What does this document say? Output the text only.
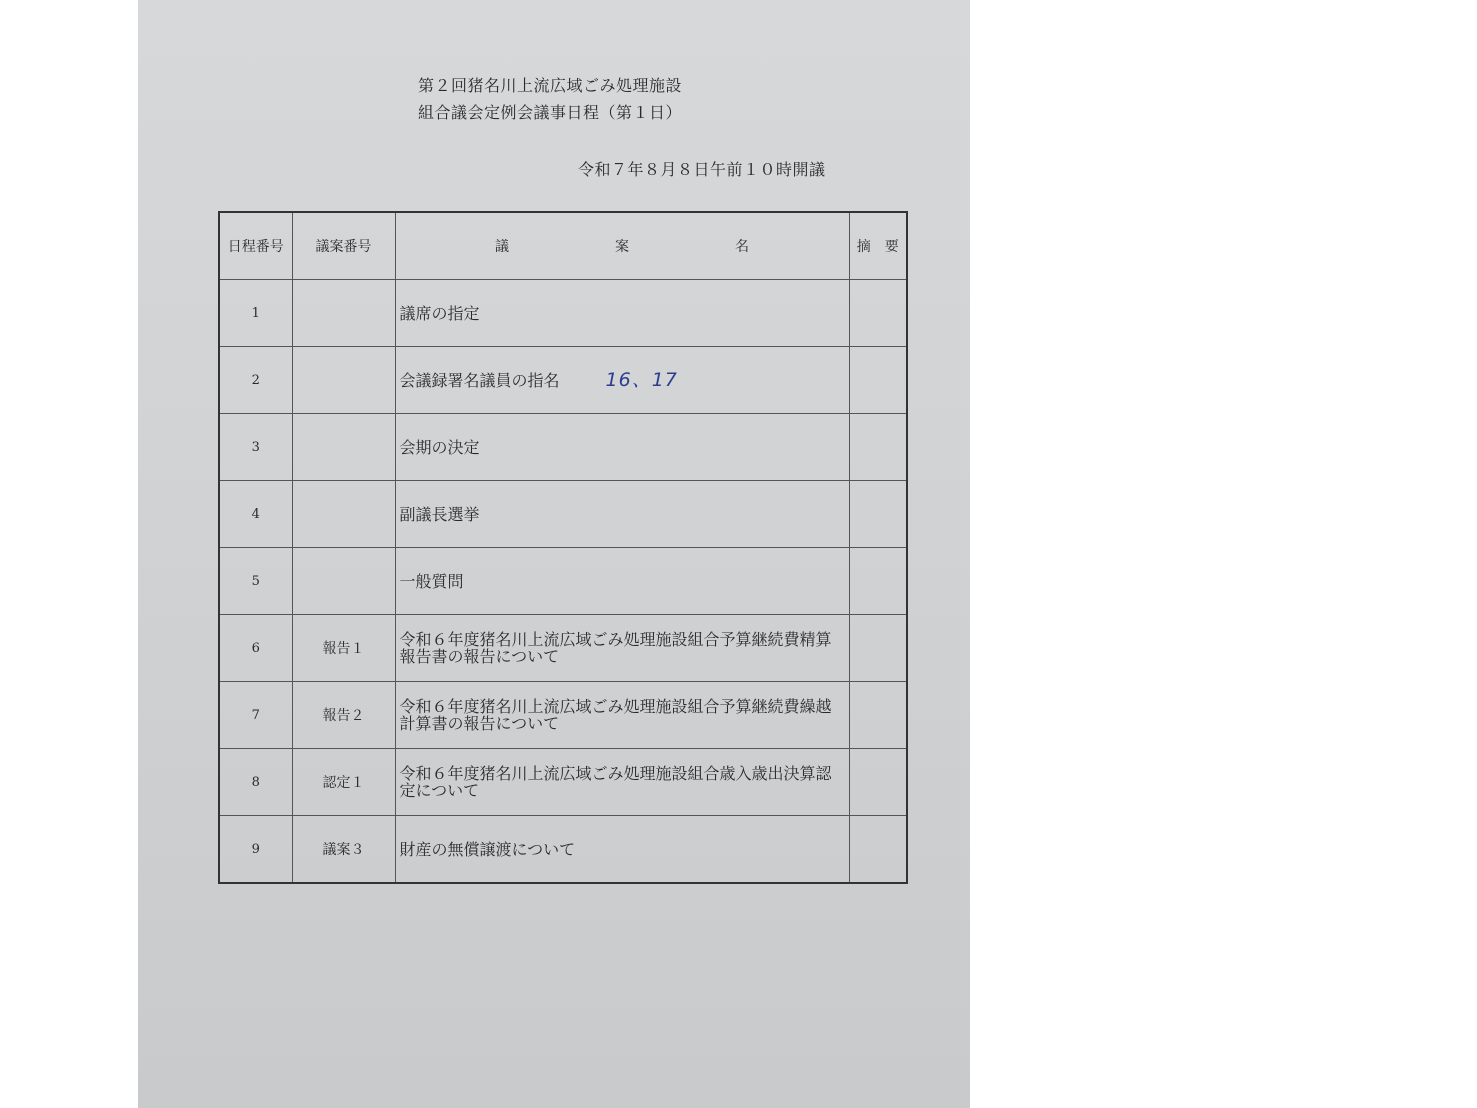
第２回猪名川上流広域ごみ処理施設
組合議会定例会議事日程（第１日）
令和７年８月８日午前１０時開議
日程番号	議案番号	議 案 名	摘　要
1		議席の指定	
2		会議録署名議員の指名 16、17	
3		会期の決定	
4		副議長選挙	
5		一般質問	
6	報告１	令和６年度猪名川上流広域ごみ処理施設組合予算継続費精算報告書の報告について	
7	報告２	令和６年度猪名川上流広域ごみ処理施設組合予算継続費繰越計算書の報告について	
8	認定１	令和６年度猪名川上流広域ごみ処理施設組合歳入歳出決算認定について	
9	議案３	財産の無償譲渡について	
